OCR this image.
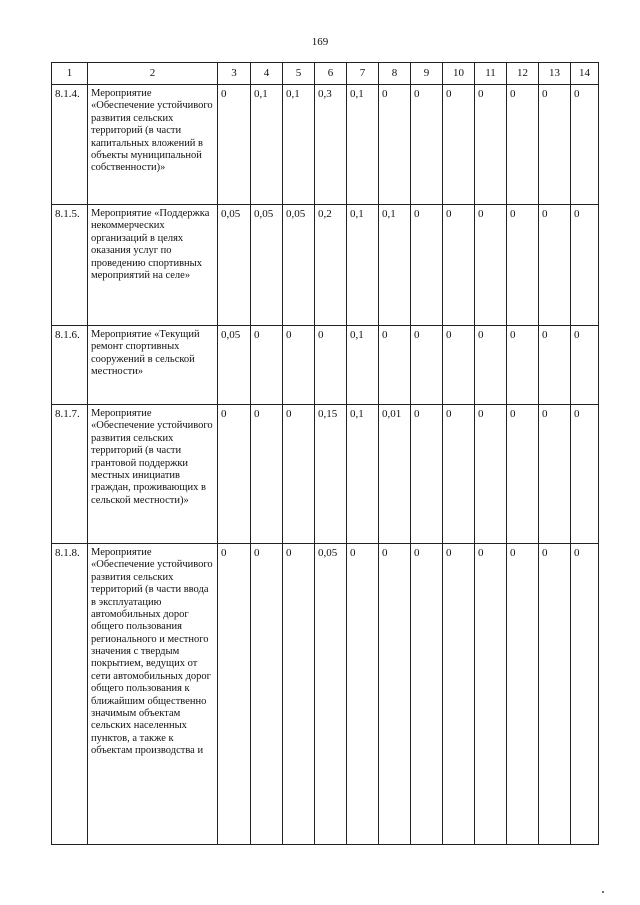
169
1	2	3	4	5	6	7	8	9	10	11	12	13	14
8.1.4.	Мероприятие «Обеспечение устойчивого развития сельских территорий (в части капитальных вложений в объекты муниципальной собственности)»	0	0,1	0,1	0,3	0,1	0	0	0	0	0	0	0
8.1.5.	Мероприятие «Поддержка некоммерческих организаций в целях оказания услуг по проведению спортивных мероприятий на селе»	0,05	0,05	0,05	0,2	0,1	0,1	0	0	0	0	0	0
8.1.6.	Мероприятие «Текущий ремонт спортивных сооружений в сельской местности»	0,05	0	0	0	0,1	0	0	0	0	0	0	0
8.1.7.	Мероприятие «Обеспечение устойчивого развития сельских территорий (в части грантовой поддержки местных инициатив граждан, проживающих в сельской местности)»	0	0	0	0,15	0,1	0,01	0	0	0	0	0	0
8.1.8.	Мероприятие «Обеспечение устойчивого развития сельских территорий (в части ввода в эксплуатацию автомобильных дорог общего пользования регионального и местного значения с твердым покрытием, ведущих от сети автомобильных дорог общего пользования к ближайшим общественно значимым объектам сельских населенных пунктов, а также к объектам производства и	0	0	0	0,05	0	0	0	0	0	0	0	0
